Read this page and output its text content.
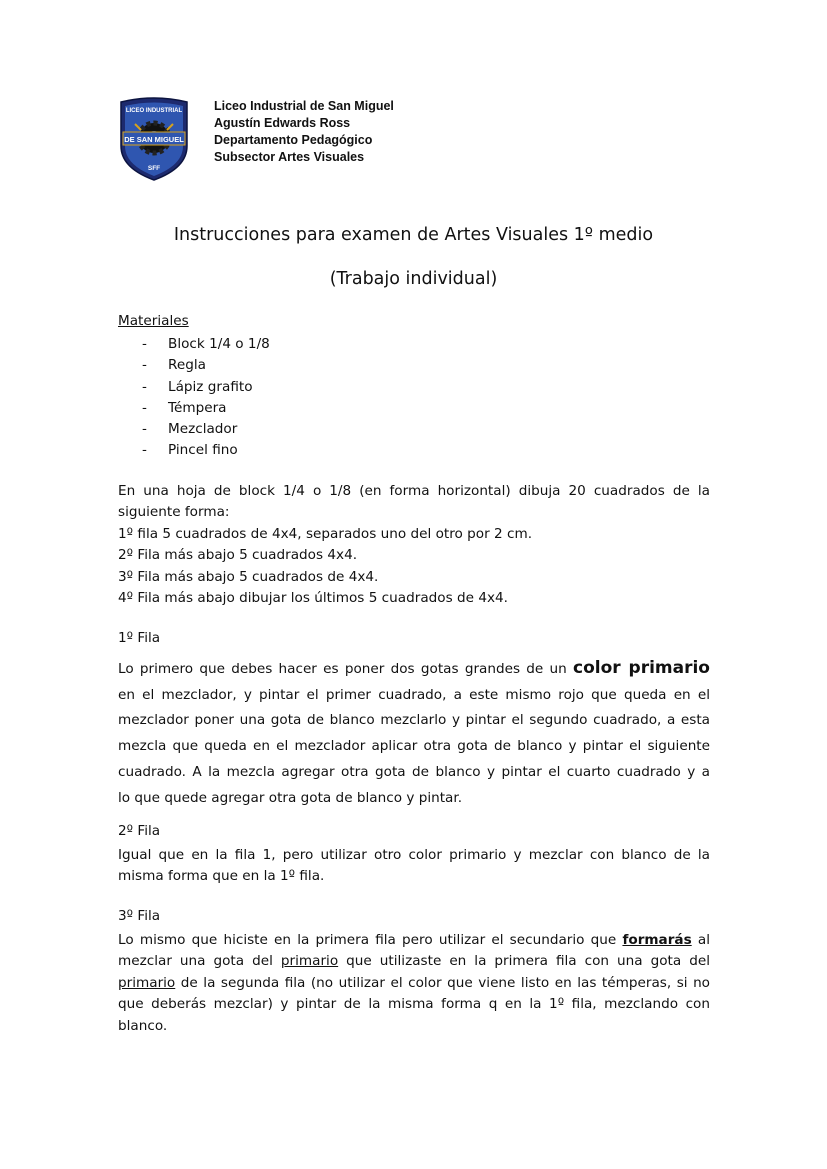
DE SAN MIGUEL
LICEO INDUSTRIAL
SFF
Liceo Industrial de San Miguel
Agustín Edwards Ross
Departamento Pedagógico
Subsector Artes Visuales
Instrucciones para examen de Artes Visuales 1º medio
(Trabajo individual)
Materiales
- Block 1/4 o 1/8
- Regla
- Lápiz grafito
- Témpera
- Mezclador
- Pincel fino
En una hoja de block 1/4 o 1/8 (en forma horizontal) dibuja 20 cuadrados de la
siguiente forma:
1º fila 5 cuadrados de 4x4, separados uno del otro por 2 cm.
2º Fila más abajo 5 cuadrados 4x4.
3º Fila más abajo 5 cuadrados de 4x4.
4º Fila más abajo dibujar los últimos 5 cuadrados de 4x4.
1º Fila
Lo primero que debes hacer es poner dos gotas grandes de un color primario
en el mezclador, y pintar el primer cuadrado, a este mismo rojo que queda en el
mezclador poner una gota de blanco mezclarlo y pintar el segundo cuadrado, a esta
mezcla que queda en el mezclador aplicar otra gota de blanco y pintar el siguiente
cuadrado. A la mezcla agregar otra gota de blanco y pintar el cuarto cuadrado y a
lo que quede agregar otra gota de blanco y pintar.
2º Fila
Igual que en la fila 1, pero utilizar otro color primario y mezclar con blanco de la
misma forma que en la 1º fila.
3º Fila
Lo mismo que hiciste en la primera fila pero utilizar el secundario que formarás al
mezclar una gota del primario que utilizaste en la primera fila con una gota del
primario de la segunda fila (no utilizar el color que viene listo en las témperas, si no
que deberás mezclar) y pintar de la misma forma q en la 1º fila, mezclando con
blanco.
